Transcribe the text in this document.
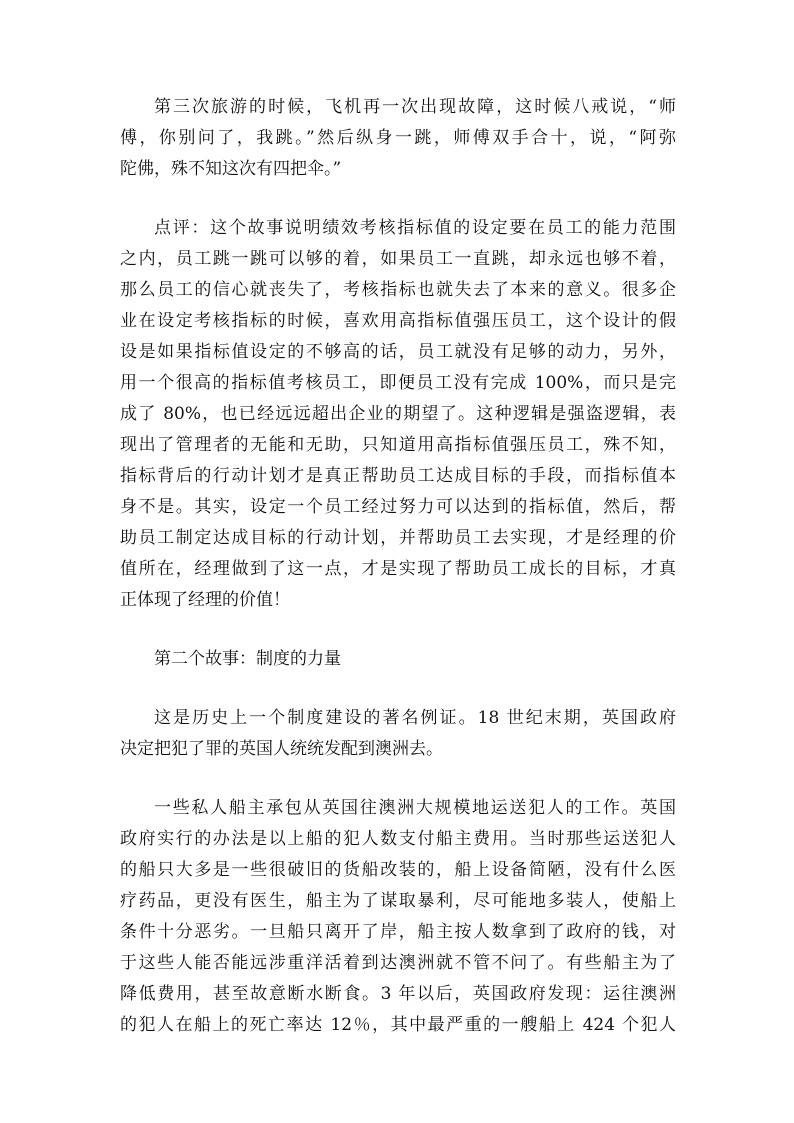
第三次旅游的时候，飞机再一次出现故障，这时候八戒说，“师
傅，你别问了，我跳。”然后纵身一跳，师傅双手合十，说，“阿弥
陀佛，殊不知这次有四把伞。”
点评：这个故事说明绩效考核指标值的设定要在员工的能力范围
之内，员工跳一跳可以够的着，如果员工一直跳，却永远也够不着，
那么员工的信心就丧失了，考核指标也就失去了本来的意义。很多企
业在设定考核指标的时候，喜欢用高指标值强压员工，这个设计的假
设是如果指标值设定的不够高的话，员工就没有足够的动力，另外，
用一个很高的指标值考核员工，即便员工没有完成 100%，而只是完
成了 80%，也已经远远超出企业的期望了。这种逻辑是强盗逻辑，表
现出了管理者的无能和无助，只知道用高指标值强压员工，殊不知，
指标背后的行动计划才是真正帮助员工达成目标的手段，而指标值本
身不是。其实，设定一个员工经过努力可以达到的指标值，然后，帮
助员工制定达成目标的行动计划，并帮助员工去实现，才是经理的价
值所在，经理做到了这一点，才是实现了帮助员工成长的目标，才真
正体现了经理的价值！
第二个故事：制度的力量
这是历史上一个制度建设的著名例证。18 世纪末期，英国政府
决定把犯了罪的英国人统统发配到澳洲去。
一些私人船主承包从英国往澳洲大规模地运送犯人的工作。英国
政府实行的办法是以上船的犯人数支付船主费用。当时那些运送犯人
的船只大多是一些很破旧的货船改装的，船上设备简陋，没有什么医
疗药品，更没有医生，船主为了谋取暴利，尽可能地多装人，使船上
条件十分恶劣。一旦船只离开了岸，船主按人数拿到了政府的钱，对
于这些人能否能远涉重洋活着到达澳洲就不管不问了。有些船主为了
降低费用，甚至故意断水断食。3 年以后，英国政府发现：运往澳洲
的犯人在船上的死亡率达 12％，其中最严重的一艘船上 424 个犯人
